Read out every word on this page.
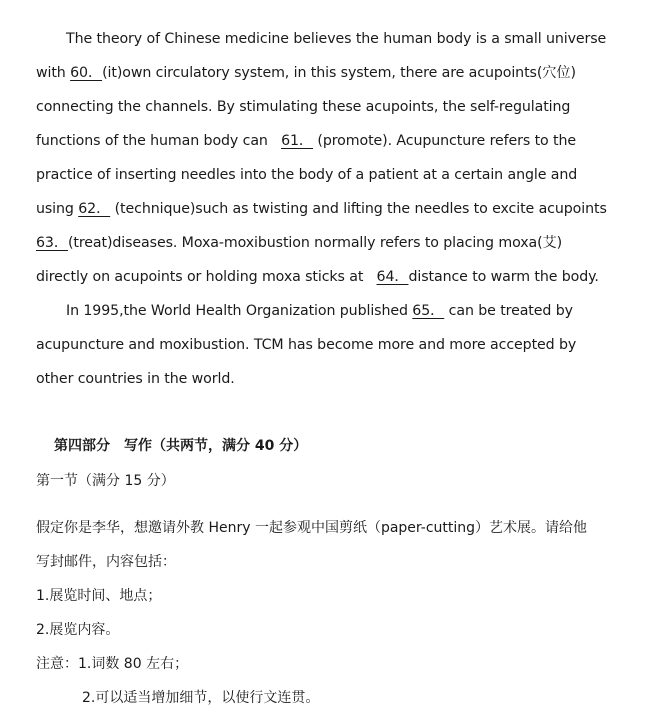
The theory of Chinese medicine believes the human body is a small universe
with 60．(it)own circulatory system, in this system, there are acupoints(穴位)
connecting the channels. By stimulating these acupoints, the self-regulating
functions of the human body can   61． (promote). Acupuncture refers to the
practice of inserting needles into the body of a patient at a certain angle and
using 62． (technique)such as twisting and lifting the needles to excite acupoints
63．(treat)diseases. Moxa-moxibustion normally refers to placing moxa(艾)
directly on acupoints or holding moxa sticks at   64．distance to warm the body.
In 1995,the World Health Organization published 65． can be treated by
acupuncture and moxibustion. TCM has become more and more accepted by
other countries in the world.
第四部分　写作（共两节，满分 40 分）
第一节（满分 15 分）
假定你是李华，想邀请外教 Henry 一起参观中国剪纸（paper-cutting）艺术展。请给他
写封邮件，内容包括：
1.展览时间、地点；
2.展览内容。
注意：1.词数 80 左右；
2.可以适当增加细节，以使行文连贯。
